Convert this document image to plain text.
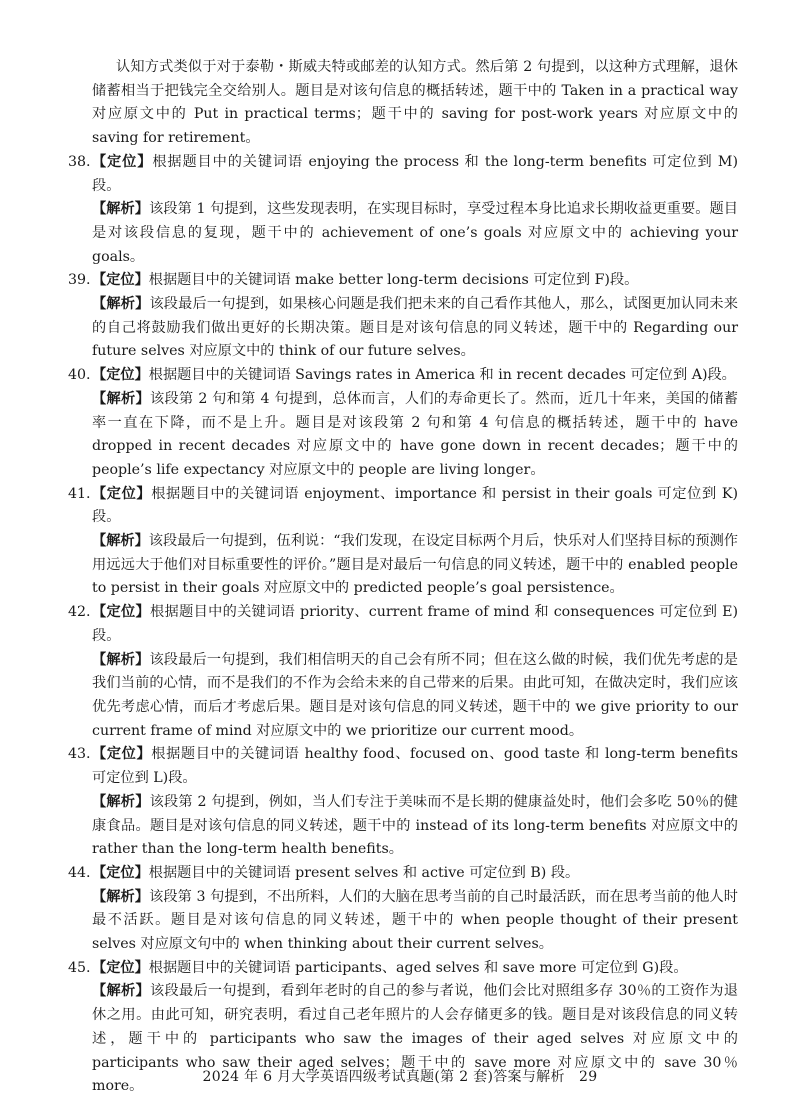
认知方式类似于对于泰勒・斯威夫特或邮差的认知方式。然后第 2 句提到，以这种方式理解，退休储蓄相当于把钱完全交给别人。题目是对该句信息的概括转述，题干中的 Taken in a practical way 对应原文中的 Put in practical terms；题干中的 saving for post-work years 对应原文中的 saving for retirement。

38. 【定位】根据题目中的关键词语 enjoying the process 和 the long-term benefits 可定位到 M)段。
【解析】该段第 1 句提到，这些发现表明，在实现目标时，享受过程本身比追求长期收益更重要。题目是对该段信息的复现，题干中的 achievement of one’s goals 对应原文中的 achieving your goals。
39. 【定位】根据题目中的关键词语 make better long-term decisions 可定位到 F)段。
【解析】该段最后一句提到，如果核心问题是我们把未来的自己看作其他人，那么，试图更加认同未来的自己将鼓励我们做出更好的长期决策。题目是对该句信息的同义转述，题干中的 Regarding our future selves 对应原文中的 think of our future selves。
40. 【定位】根据题目中的关键词语 Savings rates in America 和 in recent decades 可定位到 A)段。
【解析】该段第 2 句和第 4 句提到，总体而言，人们的寿命更长了。然而，近几十年来，美国的储蓄率一直在下降，而不是上升。题目是对该段第 2 句和第 4 句信息的概括转述，题干中的 have dropped in recent decades 对应原文中的 have gone down in recent decades；题干中的 people’s life expectancy 对应原文中的 people are living longer。
41. 【定位】根据题目中的关键词语 enjoyment、importance 和 persist in their goals 可定位到 K)段。
【解析】该段最后一句提到，伍利说：“我们发现，在设定目标两个月后，快乐对人们坚持目标的预测作用远远大于他们对目标重要性的评价。”题目是对最后一句信息的同义转述，题干中的 enabled people to persist in their goals 对应原文中的 predicted people’s goal persistence。
42. 【定位】根据题目中的关键词语 priority、current frame of mind 和 consequences 可定位到 E)段。
【解析】该段最后一句提到，我们相信明天的自己会有所不同；但在这么做的时候，我们优先考虑的是我们当前的心情，而不是我们的不作为会给未来的自己带来的后果。由此可知，在做决定时，我们应该优先考虑心情，而后才考虑后果。题目是对该句信息的同义转述，题干中的 we give priority to our current frame of mind 对应原文中的 we prioritize our current mood。
43. 【定位】根据题目中的关键词语 healthy food、focused on、good taste 和 long-term benefits 可定位到 L)段。
【解析】该段第 2 句提到，例如，当人们专注于美味而不是长期的健康益处时，他们会多吃 50％的健康食品。题目是对该句信息的同义转述，题干中的 instead of its long-term benefits 对应原文中的 rather than the long-term health benefits。
44. 【定位】根据题目中的关键词语 present selves 和 active 可定位到 B) 段。
【解析】该段第 3 句提到，不出所料，人们的大脑在思考当前的自己时最活跃，而在思考当前的他人时最不活跃。题目是对该句信息的同义转述，题干中的 when people thought of their present selves 对应原文句中的 when thinking about their current selves。
45. 【定位】根据题目中的关键词语 participants、aged selves 和 save more 可定位到 G)段。
【解析】该段最后一句提到，看到年老时的自己的参与者说，他们会比对照组多存 30％的工资作为退休之用。由此可知，研究表明，看过自己老年照片的人会存储更多的钱。题目是对该段信息的同义转述，题干中的 participants who saw the images of their aged selves 对应原文中的 participants who saw their aged selves；题干中的 save more 对应原文中的 save 30％ more。
2024 年 6 月大学英语四级考试真题(第 2 套)答案与解析　29
